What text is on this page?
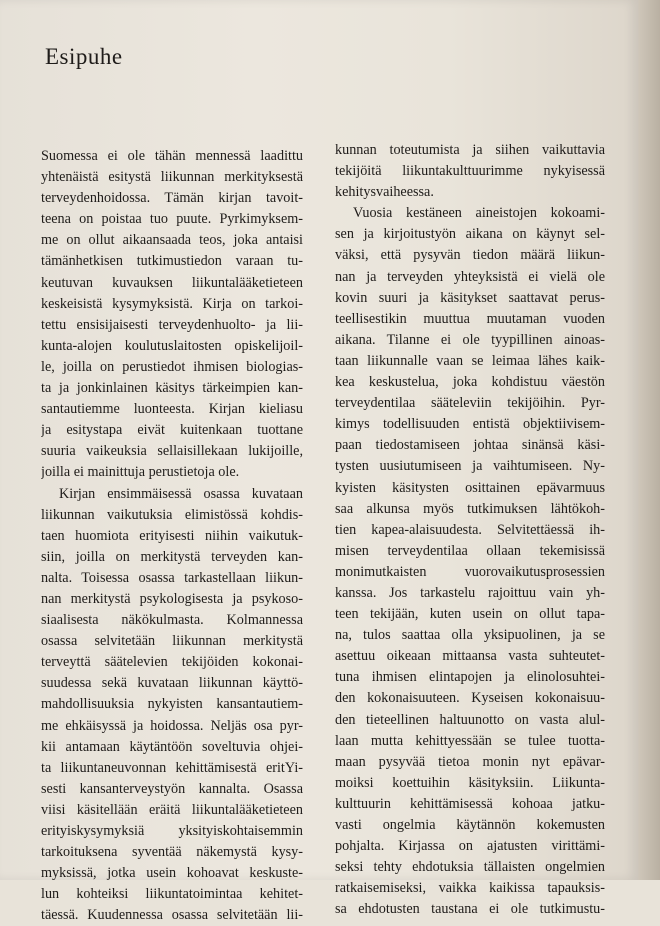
Esipuhe
Suomessa ei ole tähän mennessä laadittu
yhtenäistä esitystä liikunnan merkityksestä
terveydenhoidossa. Tämän kirjan tavoit-
teena on poistaa tuo puute. Pyrkimyksem-
me on ollut aikaansaada teos, joka antaisi
tämänhetkisen tutkimustiedon varaan tu-
keutuvan kuvauksen liikuntalääketieteen
keskeisistä kysymyksistä. Kirja on tarkoi-
tettu ensisijaisesti terveydenhuolto- ja lii-
kunta-alojen koulutuslaitosten opiskelijoil-
le, joilla on perustiedot ihmisen biologias-
ta ja jonkinlainen käsitys tärkeimpien kan-
santautiemme luonteesta. Kirjan kieliasu
ja esitystapa eivät kuitenkaan tuottane
suuria vaikeuksia sellaisillekaan lukijoille,
joilla ei mainittuja perustietoja ole.
Kirjan ensimmäisessä osassa kuvataan
liikunnan vaikutuksia elimistössä kohdis-
taen huomiota erityisesti niihin vaikutuk-
siin, joilla on merkitystä terveyden kan-
nalta. Toisessa osassa tarkastellaan liikun-
nan merkitystä psykologisesta ja psykoso-
siaalisesta näkökulmasta. Kolmannessa
osassa selvitetään liikunnan merkitystä
terveyttä säätelevien tekijöiden kokonai-
suudessa sekä kuvataan liikunnan käyttö-
mahdollisuuksia nykyisten kansantautiem-
me ehkäisyssä ja hoidossa. Neljäs osa pyr-
kii antamaan käytäntöön soveltuvia ohjei-
ta liikuntaneuvonnan kehittämisestä eritYi-
sesti kansanterveystyön kannalta. Osassa
viisi käsitellään eräitä liikuntalääketieteen
erityiskysymyksiä yksityiskohtaisemmin
tarkoituksena syventää näkemystä kysy-
myksissä, jotka usein kohoavat keskuste-
lun kohteiksi liikuntatoimintaa kehitet-
täessä. Kuudennessa osassa selvitetään lii-
kunnan toteutumista ja siihen vaikuttavia
tekijöitä liikuntakulttuurimme nykyisessä
kehitysvaiheessa.
Vuosia kestäneen aineistojen kokoami-
sen ja kirjoitustyön aikana on käynyt sel-
väksi, että pysyvän tiedon määrä liikun-
nan ja terveyden yhteyksistä ei vielä ole
kovin suuri ja käsitykset saattavat perus-
teellisestikin muuttua muutaman vuoden
aikana. Tilanne ei ole tyypillinen ainoas-
taan liikunnalle vaan se leimaa lähes kaik-
kea keskustelua, joka kohdistuu väestön
terveydentilaa sääteleviin tekijöihin. Pyr-
kimys todellisuuden entistä objektiivisem-
paan tiedostamiseen johtaa sinänsä käsi-
tysten uusiutumiseen ja vaihtumiseen. Ny-
kyisten käsitysten osittainen epävarmuus
saa alkunsa myös tutkimuksen lähtökoh-
tien kapea-alaisuudesta. Selvitettäessä ih-
misen terveydentilaa ollaan tekemisissä
monimutkaisten vuorovaikutusprosessien
kanssa. Jos tarkastelu rajoittuu vain yh-
teen tekijään, kuten usein on ollut tapa-
na, tulos saattaa olla yksipuolinen, ja se
asettuu oikeaan mittaansa vasta suhteutet-
tuna ihmisen elintapojen ja elinolosuhtei-
den kokonaisuuteen. Kyseisen kokonaisuu-
den tieteellinen haltuunotto on vasta alul-
laan mutta kehittyessään se tulee tuotta-
maan pysyvää tietoa monin nyt epävar-
moiksi koettuihin käsityksiin. Liikunta-
kulttuurin kehittämisessä kohoaa jatku-
vasti ongelmia käytännön kokemusten
pohjalta. Kirjassa on ajatusten virittämi-
seksi tehty ehdotuksia tällaisten ongelmien
ratkaisemiseksi, vaikka kaikissa tapauksis-
sa ehdotusten taustana ei ole tutkimustu-
